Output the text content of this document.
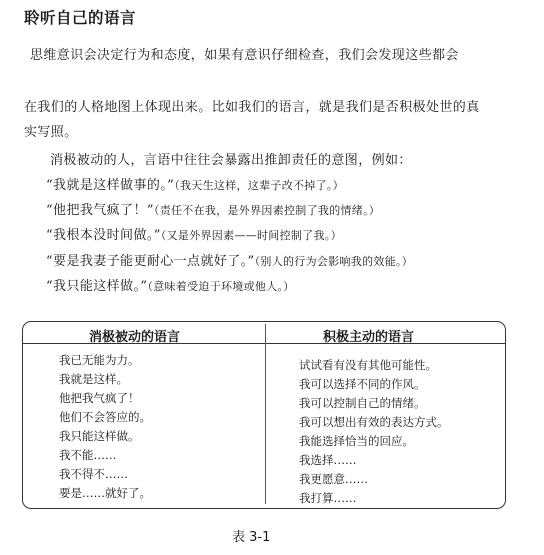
聆听自己的语言
思维意识会决定行为和态度，如果有意识仔细检查，我们会发现这些都会
在我们的人格地图上体现出来。比如我们的语言，就是我们是否积极处世的真
实写照。
消极被动的人，言语中往往会暴露出推卸责任的意图，例如：
“我就是这样做事的。”（我天生这样，这辈子改不掉了。）
“他把我气疯了！”（责任不在我，是外界因素控制了我的情绪。）
“我根本没时间做。”（又是外界因素——时间控制了我。）
“要是我妻子能更耐心一点就好了。”（别人的行为会影响我的效能。）
“我只能这样做。”（意味着受迫于环境或他人。）
消极被动的语言	积极主动的语言
我已无能为力。
我就是这样。
他把我气疯了！
他们不会答应的。
我只能这样做。
我不能……
我不得不……
要是……就好了。
试试看有没有其他可能性。
我可以选择不同的作风。
我可以控制自己的情绪。
我可以想出有效的表达方式。
我能选择恰当的回应。
我选择……
我更愿意……
我打算……
表 3-1
